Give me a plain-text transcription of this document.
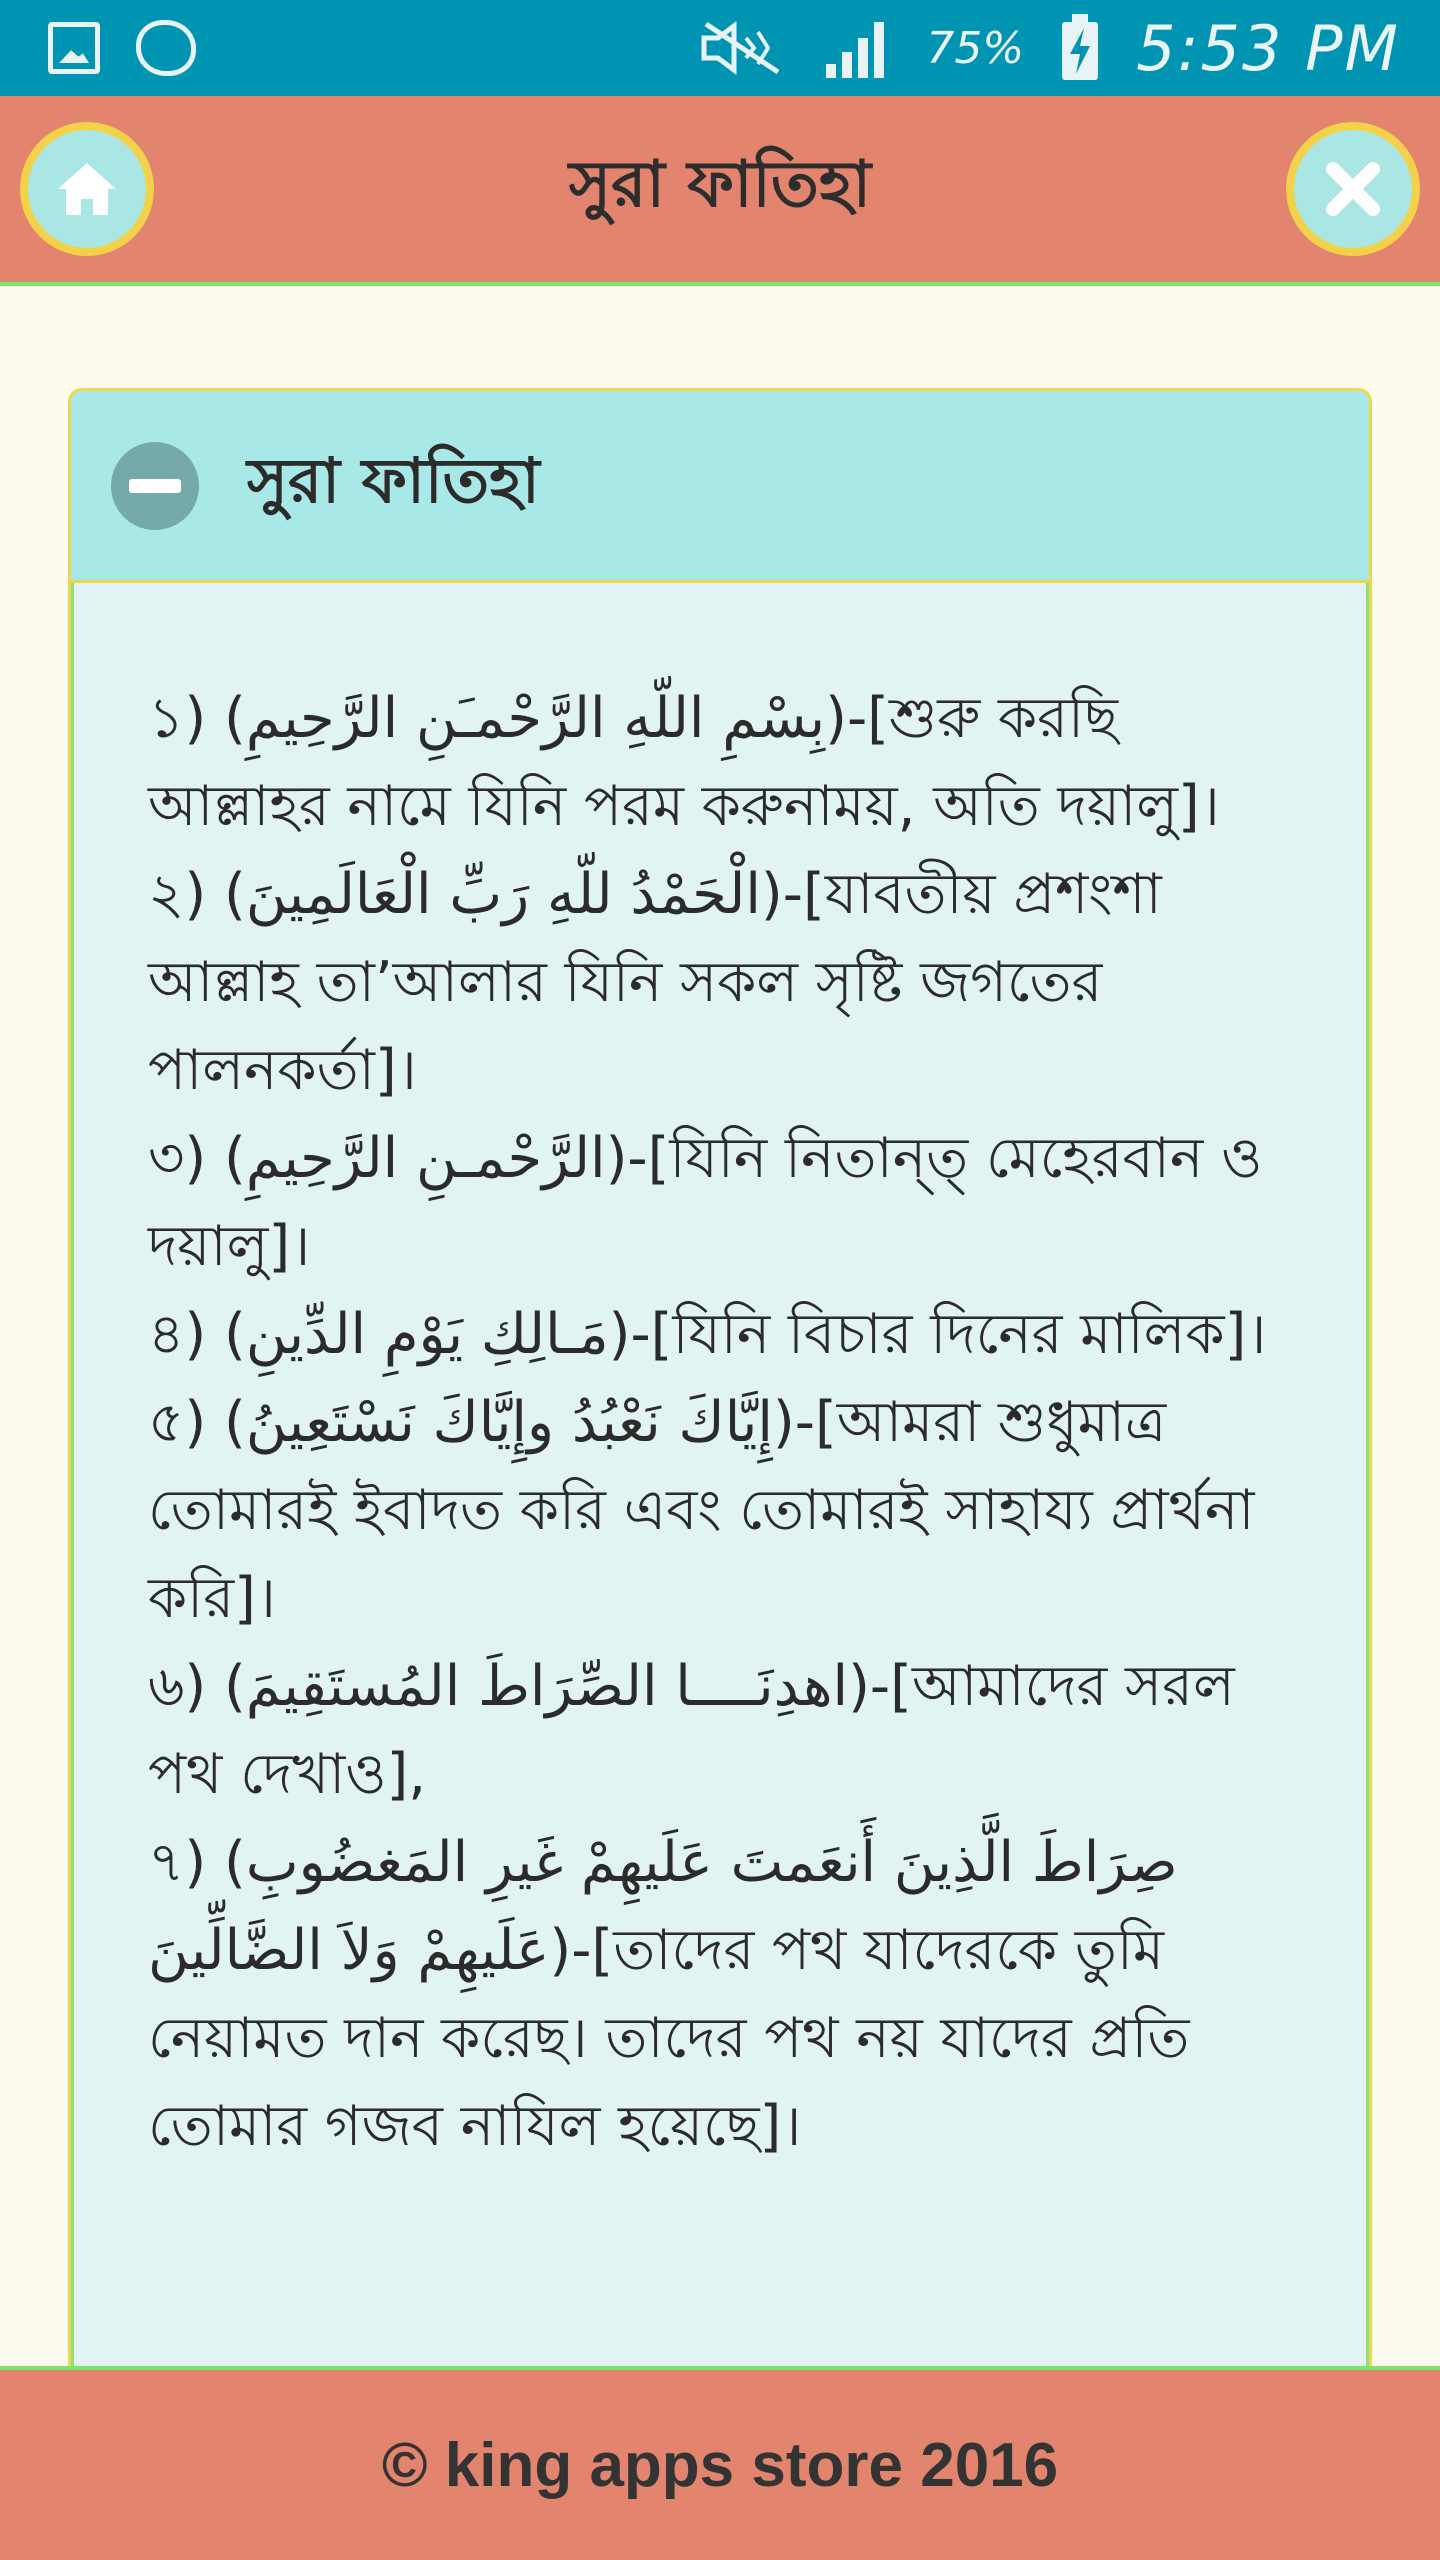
75% 5:53 PM
সুরা ফাতিহা
সুরা ফাতিহা

১) (بِسْمِ اللّهِ الرَّحْمـَنِ الرَّحِيمِ)-[শুরু করছি আল্লাহর নামে যিনি পরম করুনাময়, অতি দয়ালু]।

২) (الْحَمْدُ للّهِ رَبِّ الْعَالَمِينَ)-[যাবতীয় প্রশংশা আল্লাহ তা’আলার যিনি সকল সৃষ্টি জগতের পালনকর্তা]।

৩) (الرَّحْمـنِ الرَّحِيمِ)-[যিনি নিতান্ত্ মেহেরবান ও দয়ালু]।

৪) (مَـالِكِ يَوْمِ الدِّينِ)-[যিনি বিচার দিনের মালিক]।

৫) (إِيَّاكَ نَعْبُدُ وإِيَّاكَ نَسْتَعِينُ)-[আমরা শুধুমাত্র তোমারই ইবাদত করি এবং তোমারই সাহায্য প্রার্থনা করি]।

৬) (اهدِنَــــا الصِّرَاطَ المُستَقِيمَ)-[আমাদের সরল পথ দেখাও],

৭) (صِرَاطَ الَّذِينَ أَنعَمتَ عَلَيهِمْ غَيرِ المَغضُوبِ عَلَيهِمْ وَلاَ الضَّالِّينَ)-[তাদের পথ যাদেরকে তুমি নেয়ামত দান করেছ। তাদের পথ নয় যাদের প্রতি তোমার গজব নাযিল হয়েছে]।

© king apps store 2016
